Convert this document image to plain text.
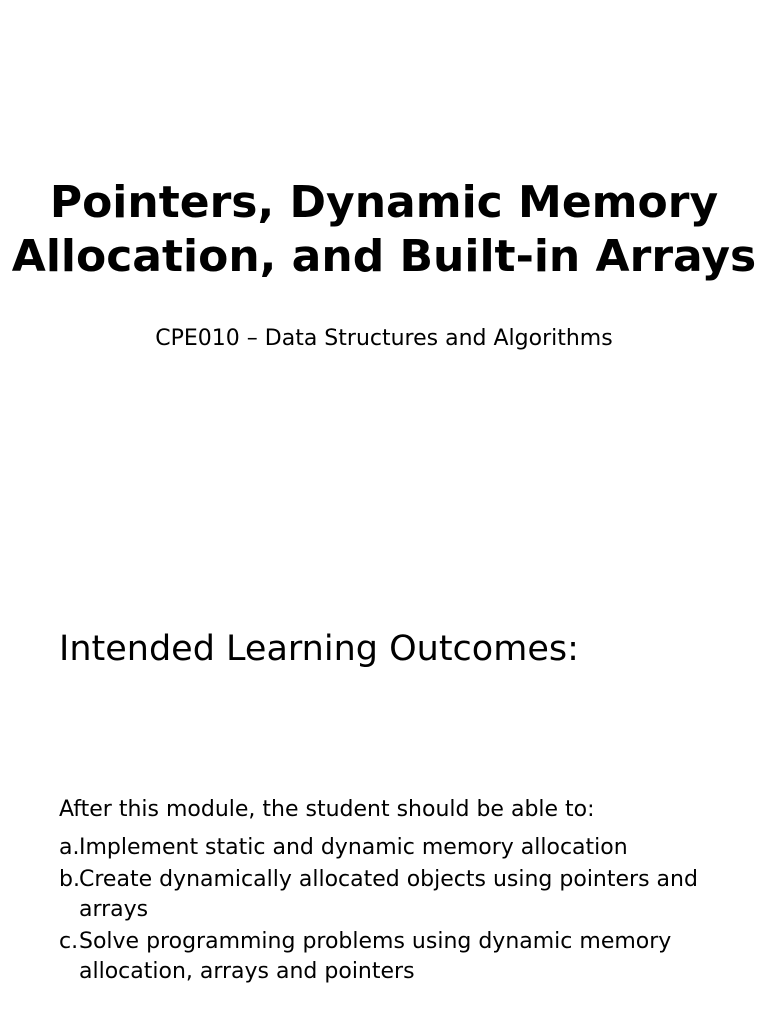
Pointers, Dynamic Memory Allocation, and Built-in Arrays

CPE010 – Data Structures and Algorithms

Intended Learning Outcomes:

After this module, the student should be able to:

a. Implement static and dynamic memory allocation
b. Create dynamically allocated objects using pointers and arrays
c. Solve programming problems using dynamic memory allocation, arrays and pointers
